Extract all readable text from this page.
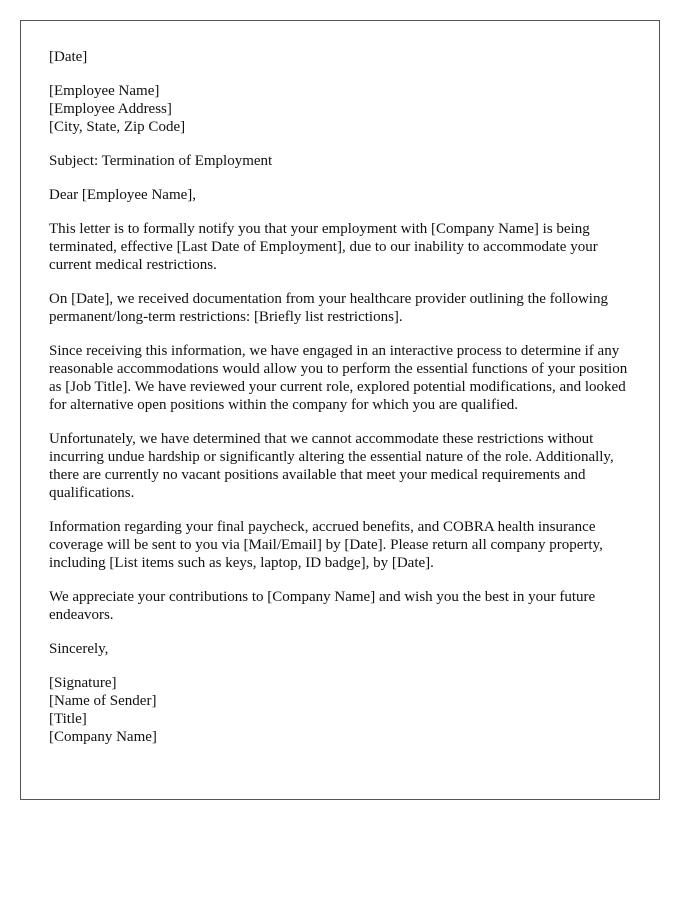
[Date]

[Employee Name]
[Employee Address]
[City, State, Zip Code]

Subject: Termination of Employment

Dear [Employee Name],

This letter is to formally notify you that your employment with [Company Name] is being terminated, effective [Last Date of Employment], due to our inability to accommodate your current medical restrictions.

On [Date], we received documentation from your healthcare provider outlining the following permanent/long-term restrictions: [Briefly list restrictions].

Since receiving this information, we have engaged in an interactive process to determine if any reasonable accommodations would allow you to perform the essential functions of your position as [Job Title]. We have reviewed your current role, explored potential modifications, and looked for alternative open positions within the company for which you are qualified.

Unfortunately, we have determined that we cannot accommodate these restrictions without incurring undue hardship or significantly altering the essential nature of the role. Additionally, there are currently no vacant positions available that meet your medical requirements and qualifications.

Information regarding your final paycheck, accrued benefits, and COBRA health insurance coverage will be sent to you via [Mail/Email] by [Date]. Please return all company property, including [List items such as keys, laptop, ID badge], by [Date].

We appreciate your contributions to [Company Name] and wish you the best in your future endeavors.

Sincerely,

[Signature]
[Name of Sender]
[Title]
[Company Name]
